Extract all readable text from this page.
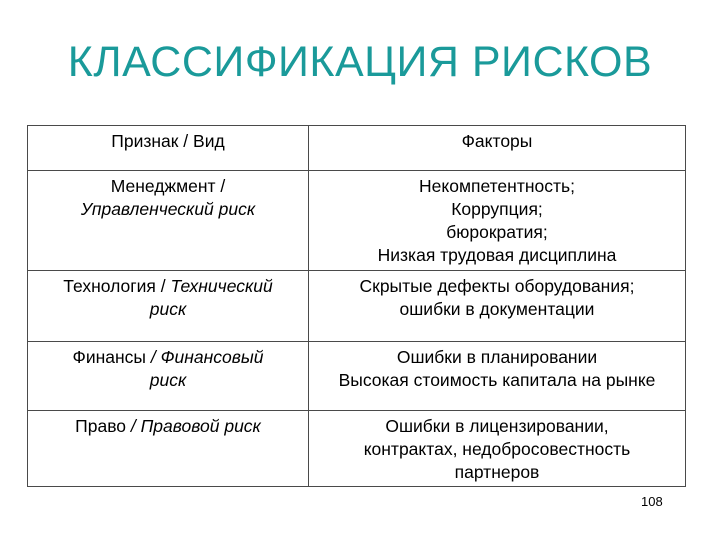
КЛАССИФИКАЦИЯ РИСКОВ
Признак / Вид	Факторы

Менеджмент /
Управленческий риск	Некомпетентность;
Коррупция;
бюрократия;
Низкая трудовая дисциплина

Технология / Технический
риск	Скрытые дефекты оборудования;
ошибки в документации

Финансы / Финансовый
риск	Ошибки в планировании
Высокая стоимость капитала на рынке

Право / Правовой риск	Ошибки в лицензировании,
контрактах, недобросовестность
партнеров
108
